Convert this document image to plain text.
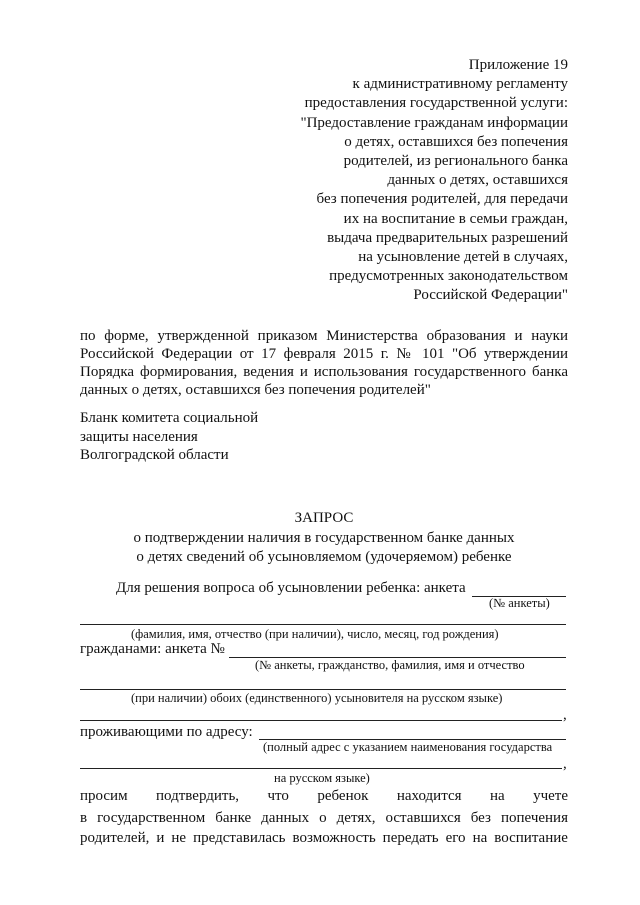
Приложение 19
к административному регламенту
предоставления государственной услуги:
"Предоставление гражданам информации
о детях, оставшихся без попечения
родителей, из регионального банка
данных о детях, оставшихся
без попечения родителей, для передачи
их на воспитание в семьи граждан,
выдача предварительных разрешений
на усыновление детей в случаях,
предусмотренных законодательством
Российской Федерации"
по форме, утвержденной приказом Министерства образования и науки
Российской Федерации от 17 февраля 2015 г. № 101 "Об утверждении
Порядка формирования, ведения и использования государственного банка
данных о детях, оставшихся без попечения родителей"
Бланк комитета социальной
защиты населения
Волгоградской области
ЗАПРОС
о подтверждении наличия в государственном банке данных
о детях сведений об усыновляемом (удочеряемом) ребенке
Для решения вопроса об усыновлении ребенка: анкета
(№ анкеты)
(фамилия, имя, отчество (при наличии), число, месяц, год рождения)
гражданами: анкета №
(№ анкеты, гражданство, фамилия, имя и отчество
(при наличии) обоих (единственного) усыновителя на русском языке)
,
проживающими по адресу:
(полный адрес с указанием наименования государства
,
на русском языке)
просим подтвердить, что ребенок находится на учете
в государственном банке данных о детях, оставшихся без попечения
родителей, и не представилась возможность передать его на воспитание
